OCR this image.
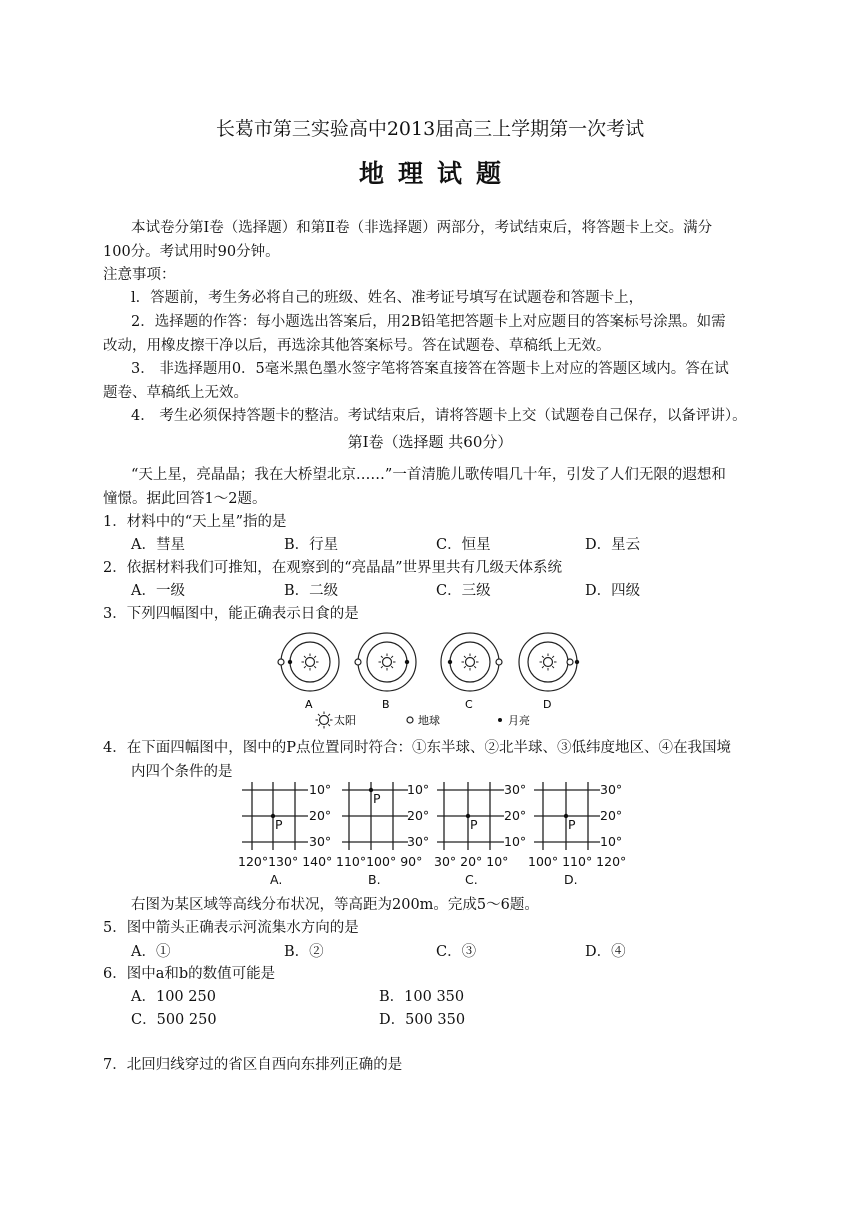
长葛市第三实验高中2013届高三上学期第一次考试
地理试题
本试卷分第Ⅰ卷（选择题）和第Ⅱ卷（非选择题）两部分，考试结束后，将答题卡上交。满分
100分。考试用时90分钟。
注意事项：
l．答题前，考生务必将自己的班级、姓名、准考证号填写在试题卷和答题卡上，
2．选择题的作答：每小题选出答案后，用2B铅笔把答题卡上对应题目的答案标号涂黑。如需
改动，用橡皮擦干净以后，再选涂其他答案标号。答在试题卷、草稿纸上无效。
3． 非选择题用0．5毫米黑色墨水签字笔将答案直接答在答题卡上对应的答题区域内。答在试
题卷、草稿纸上无效。
4． 考生必须保持答题卡的整洁。考试结束后，请将答题卡上交（试题卷自己保存，以备评讲）。
第Ⅰ卷（选择题 共60分）
“天上星，亮晶晶；我在大桥望北京……”一首清脆儿歌传唱几十年，引发了人们无限的遐想和
憧憬。据此回答1～2题。
1．材料中的“天上星”指的是
A．彗星	B．行星	C．恒星	D．星云
2．依据材料我们可推知，在观察到的“亮晶晶”世界里共有几级天体系统
A．一级	B．二级	C．三级	D．四级
3．下列四幅图中，能正确表示日食的是
A	B	C	D
太阳	地球	月亮
4．在下面四幅图中，图中的P点位置同时符合：①东半球、②北半球、③低纬度地区、④在我国境
内四个条件的是
P
10°
20°
30°
120°130° 140°
A.
P
10°
20°
30°
110°100° 90°
B.
P
30°
20°
10°
30° 20° 10°
C.
P
30°
20°
10°
100° 110° 120°
D.
右图为某区域等高线分布状况，等高距为200m。完成5～6题。
5．图中箭头正确表示河流集水方向的是
A．①	B．②	C．③	D．④
6．图中a和b的数值可能是
A．100 250	B．100 350
C．500 250	D．500 350
7．北回归线穿过的省区自西向东排列正确的是
